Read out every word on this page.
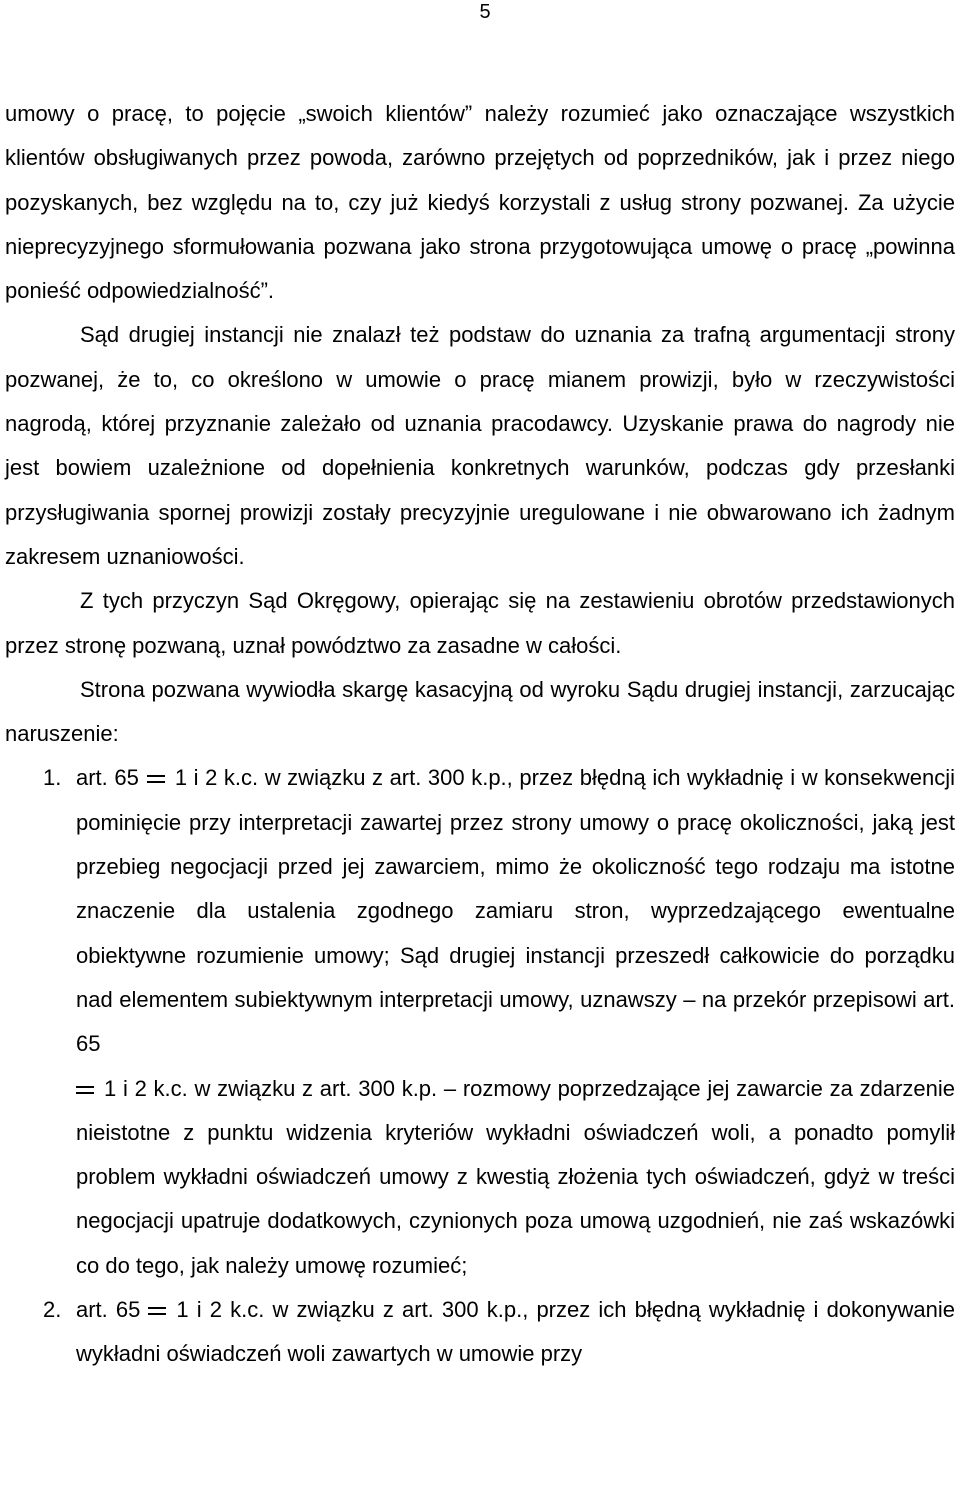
5

umowy o pracę, to pojęcie „swoich klientów” należy rozumieć jako oznaczające wszystkich klientów obsługiwanych przez powoda, zarówno przejętych od poprzedników, jak i przez niego pozyskanych, bez względu na to, czy już kiedyś korzystali z usług strony pozwanej. Za użycie nieprecyzyjnego sformułowania pozwana jako strona przygotowująca umowę o pracę „powinna ponieść odpowiedzialność”.

Sąd drugiej instancji nie znalazł też podstaw do uznania za trafną argumentacji strony pozwanej, że to, co określono w umowie o pracę mianem prowizji, było w rzeczywistości nagrodą, której przyznanie zależało od uznania pracodawcy. Uzyskanie prawa do nagrody nie jest bowiem uzależnione od dopełnienia konkretnych warunków, podczas gdy przesłanki przysługiwania spornej prowizji zostały precyzyjnie uregulowane i nie obwarowano ich żadnym zakresem uznaniowości.

Z tych przyczyn Sąd Okręgowy, opierając się na zestawieniu obrotów przedstawionych przez stronę pozwaną, uznał powództwo za zasadne w całości.

Strona pozwana wywiodła skargę kasacyjną od wyroku Sądu drugiej instancji, zarzucając naruszenie:

1. art. 65 1 i 2 k.c. w związku z art. 300 k.p., przez błędną ich wykładnię i w konsekwencji pominięcie przy interpretacji zawartej przez strony umowy o pracę okoliczności, jaką jest przebieg negocjacji przed jej zawarciem, mimo że okoliczność tego rodzaju ma istotne znaczenie dla ustalenia zgodnego zamiaru stron, wyprzedzającego ewentualne obiektywne rozumienie umowy; Sąd drugiej instancji przeszedł całkowicie do porządku nad elementem subiektywnym interpretacji umowy, uznawszy – na przekór przepisowi art. 65
1 i 2 k.c. w związku z art. 300 k.p. – rozmowy poprzedzające jej zawarcie za zdarzenie nieistotne z punktu widzenia kryteriów wykładni oświadczeń woli, a ponadto pomylił problem wykładni oświadczeń umowy z kwestią złożenia tych oświadczeń, gdyż w treści negocjacji upatruje dodatkowych, czynionych poza umową uzgodnień, nie zaś wskazówki co do tego, jak należy umowę rozumieć;
2. art. 65 1 i 2 k.c. w związku z art. 300 k.p., przez ich błędną wykładnię i dokonywanie wykładni oświadczeń woli zawartych w umowie przy
